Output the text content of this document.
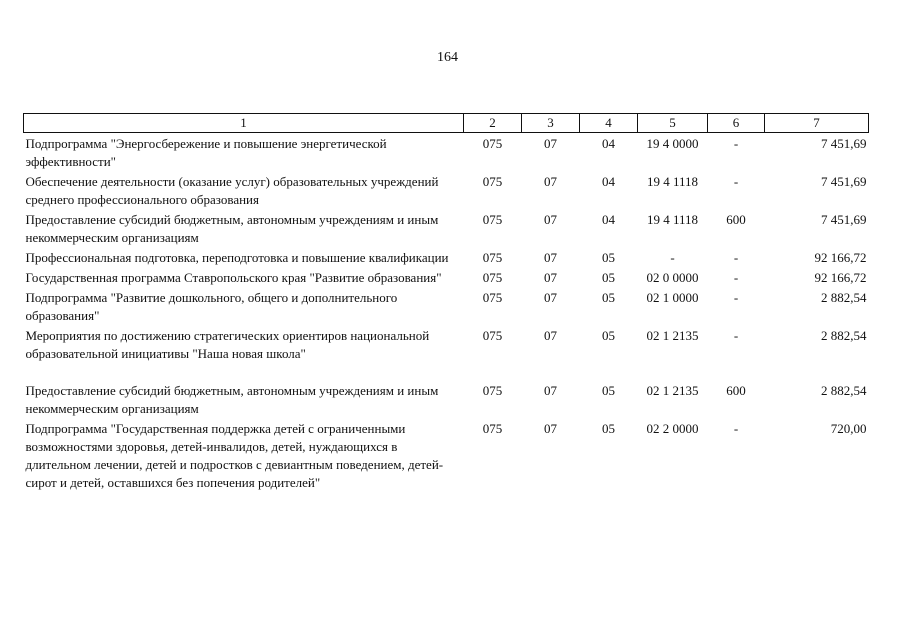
164
1	2	3	4	5	6	7
Подпрограмма "Энергосбережение и повышение энергетической эффективности"	075	07	04	19 4 0000	-	7 451,69
Обеспечение деятельности (оказание услуг) образовательных учреждений среднего профессионального образования	075	07	04	19 4 1118	-	7 451,69
Предоставление субсидий бюджетным, автономным учреждениям и иным некоммерческим организациям	075	07	04	19 4 1118	600	7 451,69
Профессиональная подготовка, переподготовка и повышение квалификации	075	07	05	-	-	92 166,72
Государственная программа Ставропольского края "Развитие образования"	075	07	05	02 0 0000	-	92 166,72
Подпрограмма "Развитие дошкольного, общего и дополнительного образования"	075	07	05	02 1 0000	-	2 882,54
Мероприятия по достижению стратегических ориентиров национальной образовательной инициативы "Наша новая школа"	075	07	05	02 1 2135	-	2 882,54

Предоставление субсидий бюджетным, автономным учреждениям и иным некоммерческим организациям	075	07	05	02 1 2135	600	2 882,54
Подпрограмма "Государственная поддержка детей с ограниченными возможностями здоровья, детей-инвалидов, детей, нуждающихся в длительном лечении, детей и подростков с девиантным поведением, детей-сирот и детей, оставшихся без попечения родителей"	075	07	05	02 2 0000	-	720,00
